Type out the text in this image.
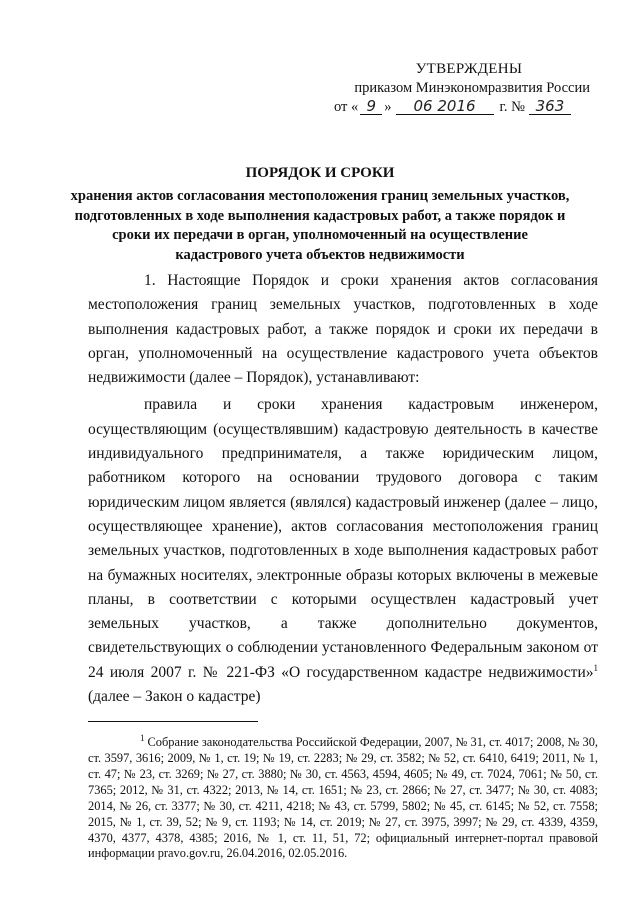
УТВЕРЖДЕНЫ
приказом Минэкономразвития России
от « 9 »	06 2016	г. № 363
ПОРЯДОК И СРОКИ
хранения актов согласования местоположения границ земельных участков, подготовленных в ходе выполнения кадастровых работ, а также порядок и сроки их передачи в орган, уполномоченный на осуществление кадастрового учета объектов недвижимости

1. Настоящие Порядок и сроки хранения актов согласования местоположения границ земельных участков, подготовленных в ходе выполнения кадастровых работ, а также порядок и сроки их передачи в орган, уполномоченный на осуществление кадастрового учета объектов недвижимости (далее – Порядок), устанавливают:

правила и сроки хранения кадастровым инженером, осуществляющим (осуществлявшим) кадастровую деятельность в качестве индивидуального предпринимателя, а также юридическим лицом, работником которого на основании трудового договора с таким юридическим лицом является (являлся) кадастровый инженер (далее – лицо, осуществляющее хранение), актов согласования местоположения границ земельных участков, подготовленных в ходе выполнения кадастровых работ на бумажных носителях, электронные образы которых включены в межевые планы, в соответствии с которыми осуществлен кадастровый учет земельных участков, а также дополнительно документов, свидетельствующих о соблюдении установленного Федеральным законом от 24 июля 2007 г. № 221-ФЗ «О государственном кадастре недвижимости»$^1$ (далее – Закон о кадастре)

$^1$ Собрание законодательства Российской Федерации, 2007, № 31, ст. 4017; 2008, № 30, ст. 3597, 3616; 2009, № 1, ст. 19; № 19, ст. 2283; № 29, ст. 3582; № 52, ст. 6410, 6419; 2011, № 1, ст. 47; № 23, ст. 3269; № 27, ст. 3880; № 30, ст. 4563, 4594, 4605; № 49, ст. 7024, 7061; № 50, ст. 7365; 2012, № 31, ст. 4322; 2013, № 14, ст. 1651; № 23, ст. 2866; № 27, ст. 3477; № 30, ст. 4083; 2014, № 26, ст. 3377; № 30, ст. 4211, 4218; № 43, ст. 5799, 5802; № 45, ст. 6145; № 52, ст. 7558; 2015, № 1, ст. 39, 52; № 9, ст. 1193; № 14, ст. 2019; № 27, ст. 3975, 3997; № 29, ст. 4339, 4359, 4370, 4377, 4378, 4385; 2016, № 1, ст. 11, 51, 72; официальный интернет-портал правовой информации pravo.gov.ru, 26.04.2016, 02.05.2016.
